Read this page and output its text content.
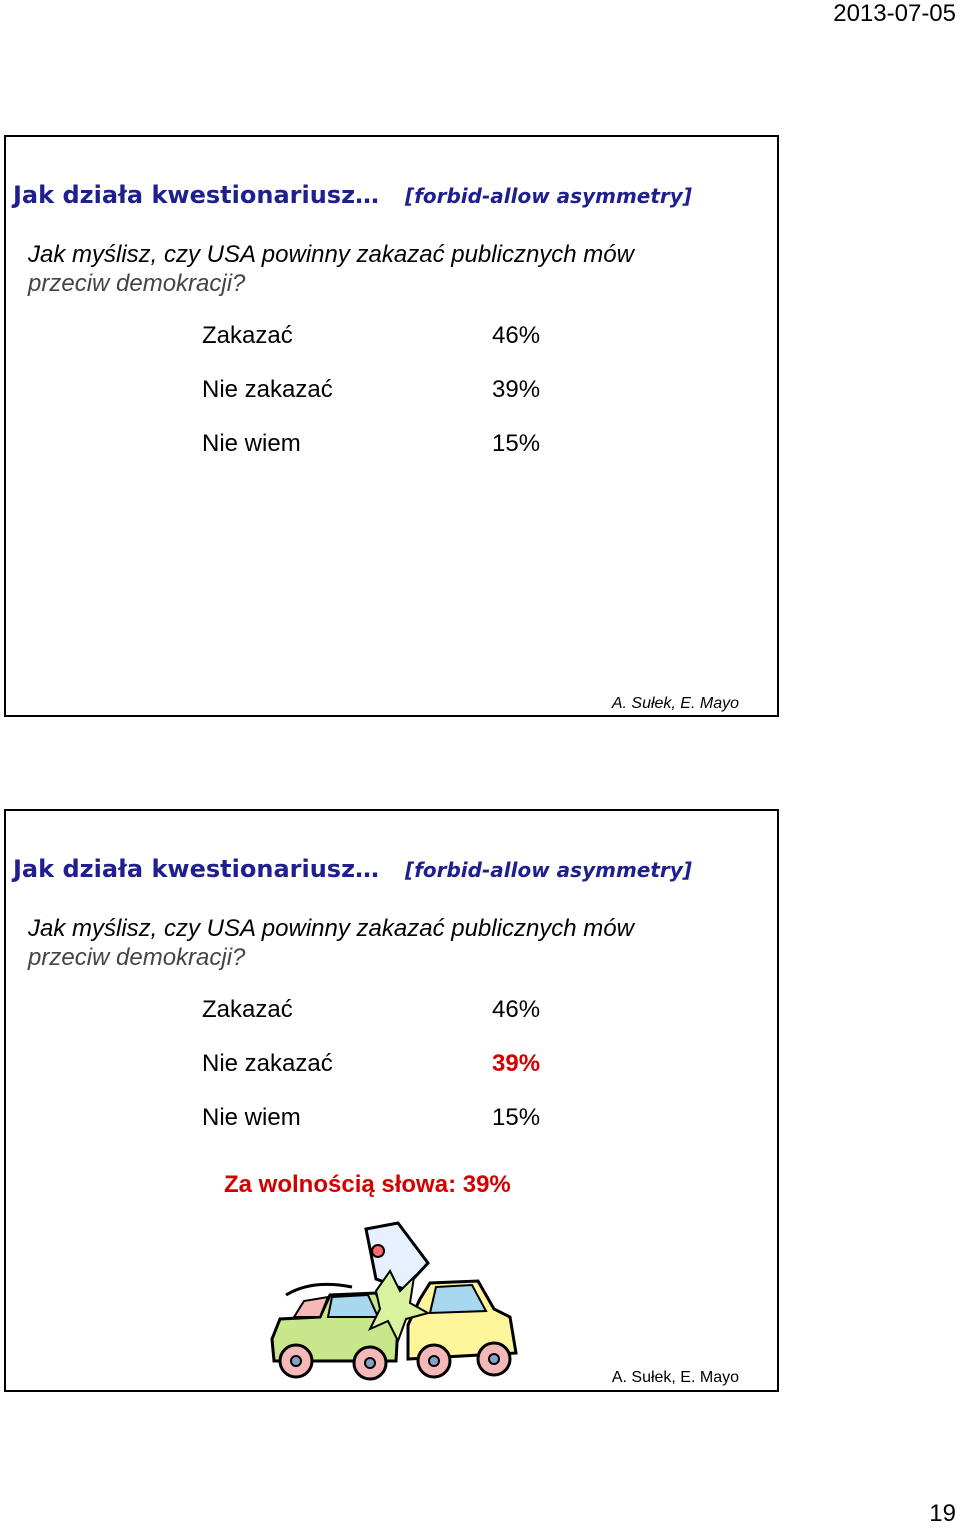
2013-07-05
Jak działa kwestionariusz… [forbid-allow asymmetry]
Jak myślisz, czy USA powinny zakazać publicznych mów
przeciw demokracji?
Zakazać	46%
Nie zakazać	39%
Nie wiem	15%
A. Sułek, E. Mayo
Jak działa kwestionariusz… [forbid-allow asymmetry]
Jak myślisz, czy USA powinny zakazać publicznych mów
przeciw demokracji?
Zakazać	46%
Nie zakazać	39%
Nie wiem	15%
Za wolnością słowa: 39%
A. Sułek, E. Mayo
19
